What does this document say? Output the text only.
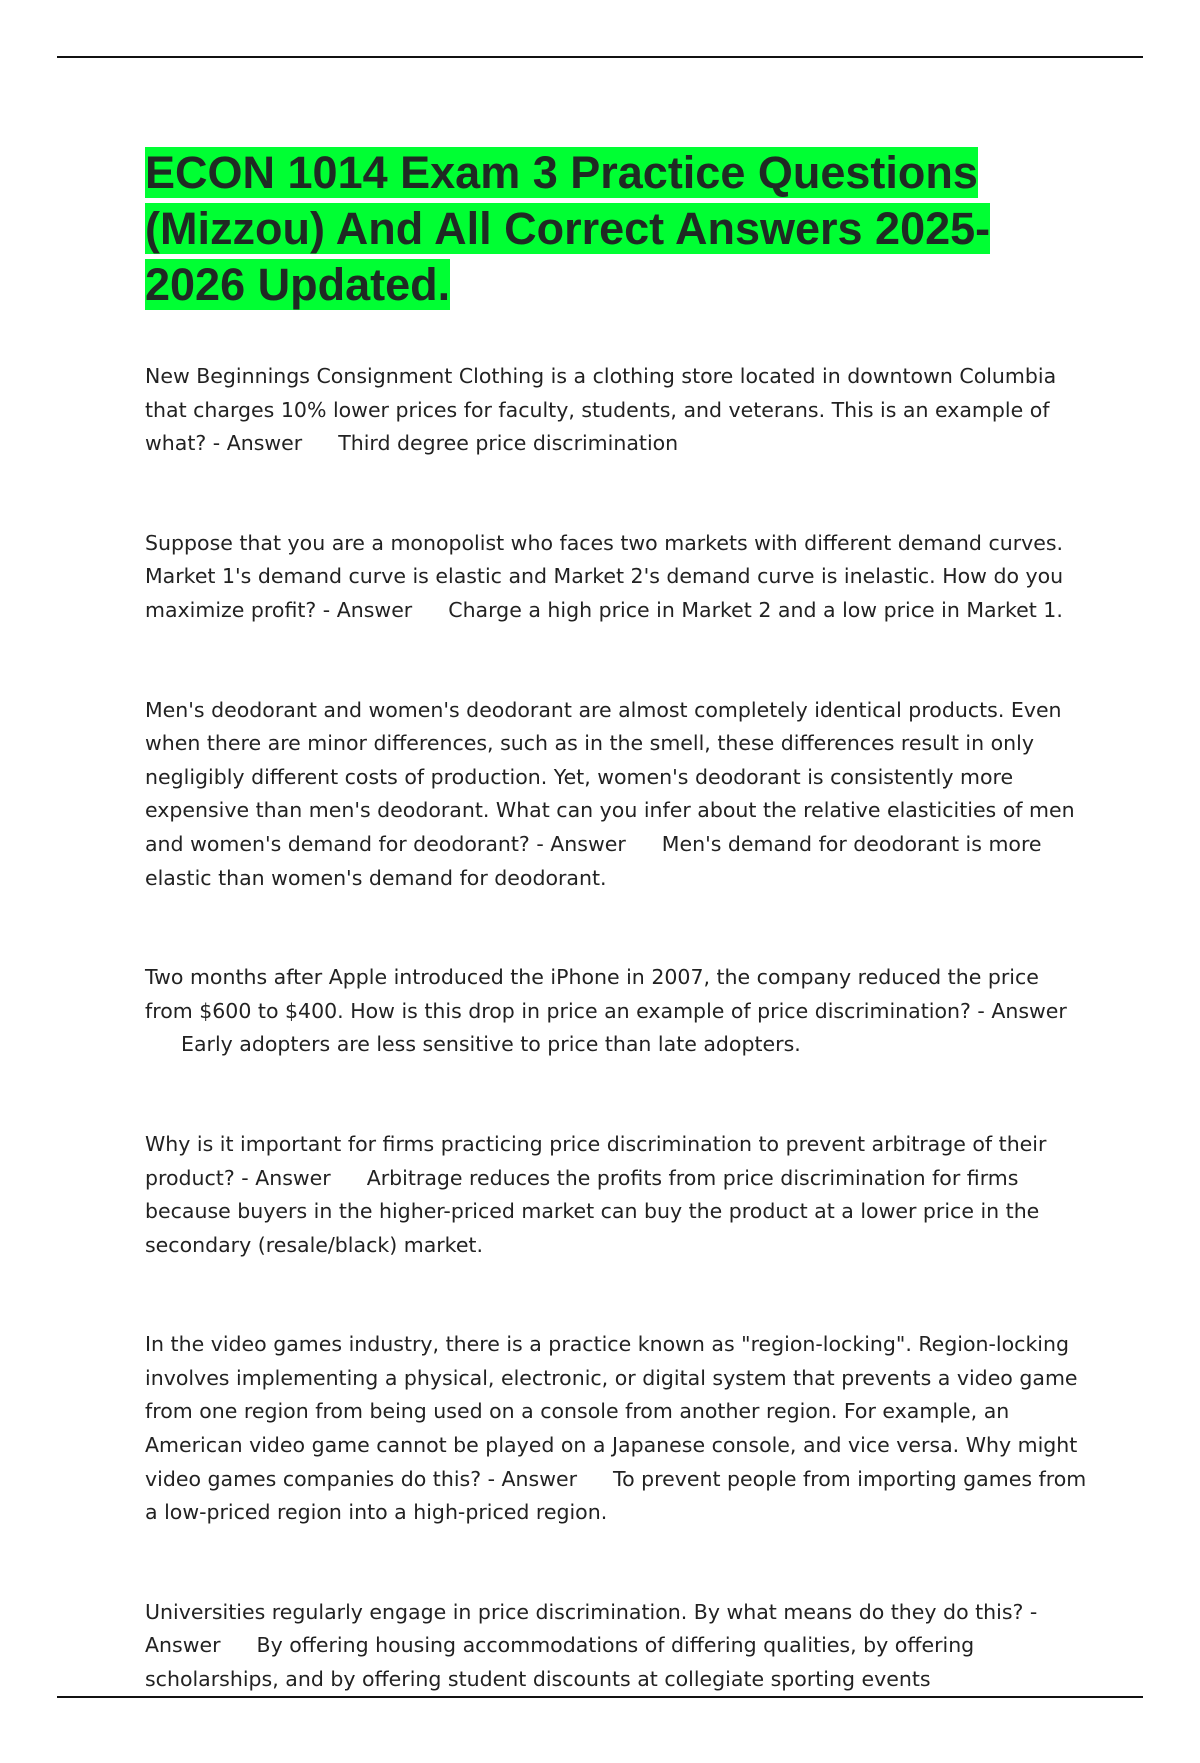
ECON 1014 Exam 3 Practice Questions (Mizzou) And All Correct Answers 2025-2026 Updated.

New Beginnings Consignment Clothing is a clothing store located in downtown Columbia that charges 10% lower prices for faculty, students, and veterans. This is an example of what? - Answer Third degree price discrimination

Suppose that you are a monopolist who faces two markets with different demand curves. Market 1's demand curve is elastic and Market 2's demand curve is inelastic. How do you maximize profit? - Answer Charge a high price in Market 2 and a low price in Market 1.

Men's deodorant and women's deodorant are almost completely identical products. Even when there are minor differences, such as in the smell, these differences result in only negligibly different costs of production. Yet, women's deodorant is consistently more expensive than men's deodorant. What can you infer about the relative elasticities of men and women's demand for deodorant? - Answer Men's demand for deodorant is more elastic than women's demand for deodorant.

Two months after Apple introduced the iPhone in 2007, the company reduced the price from $600 to $400. How is this drop in price an example of price discrimination? - AnswerEarly adopters are less sensitive to price than late adopters.

Why is it important for firms practicing price discrimination to prevent arbitrage of their product? - Answer Arbitrage reduces the profits from price discrimination for firms because buyers in the higher-priced market can buy the product at a lower price in the secondary (resale/black) market.

In the video games industry, there is a practice known as "region-locking". Region-locking involves implementing a physical, electronic, or digital system that prevents a video game from one region from being used on a console from another region. For example, an American video game cannot be played on a Japanese console, and vice versa. Why might video games companies do this? - Answer To prevent people from importing games from a low-priced region into a high-priced region.

Universities regularly engage in price discrimination. By what means do they do this? - Answer By offering housing accommodations of differing qualities, by offering scholarships, and by offering student discounts at collegiate sporting events
